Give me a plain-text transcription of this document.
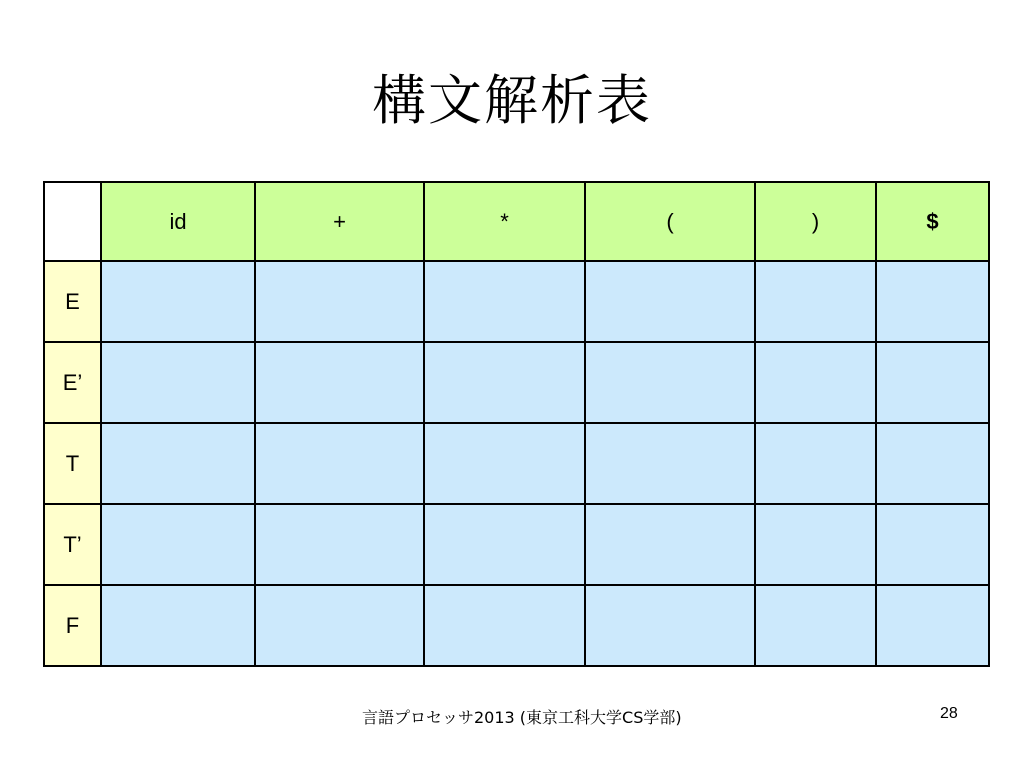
構文解析表
	id	+	*	(	)	$
E						
E’						
T						
T’						
F						
言語プロセッサ2013 (東京工科大学CS学部)	28
